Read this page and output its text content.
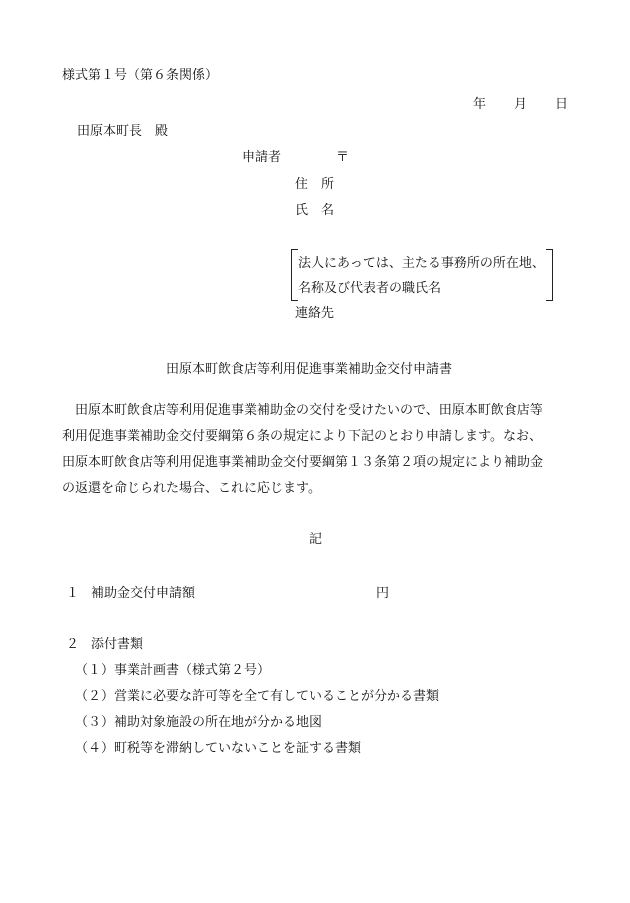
様式第１号（第６条関係）
年 月 日
田原本町長　殿
申請者	〒
住　所
氏　名
法人にあっては、主たる事務所の所在地、
名称及び代表者の職氏名
連絡先
田原本町飲食店等利用促進事業補助金交付申請書
　田原本町飲食店等利用促進事業補助金の交付を受けたいので、田原本町飲食店等
利用促進事業補助金交付要綱第６条の規定により下記のとおり申請します。なお、
田原本町飲食店等利用促進事業補助金交付要綱第１３条第２項の規定により補助金
の返還を命じられた場合、これに応じます。
記
１ 補助金交付申請額	円
２ 添付書類
（１）事業計画書（様式第２号）
（２）営業に必要な許可等を全て有していることが分かる書類
（３）補助対象施設の所在地が分かる地図
（４）町税等を滞納していないことを証する書類
